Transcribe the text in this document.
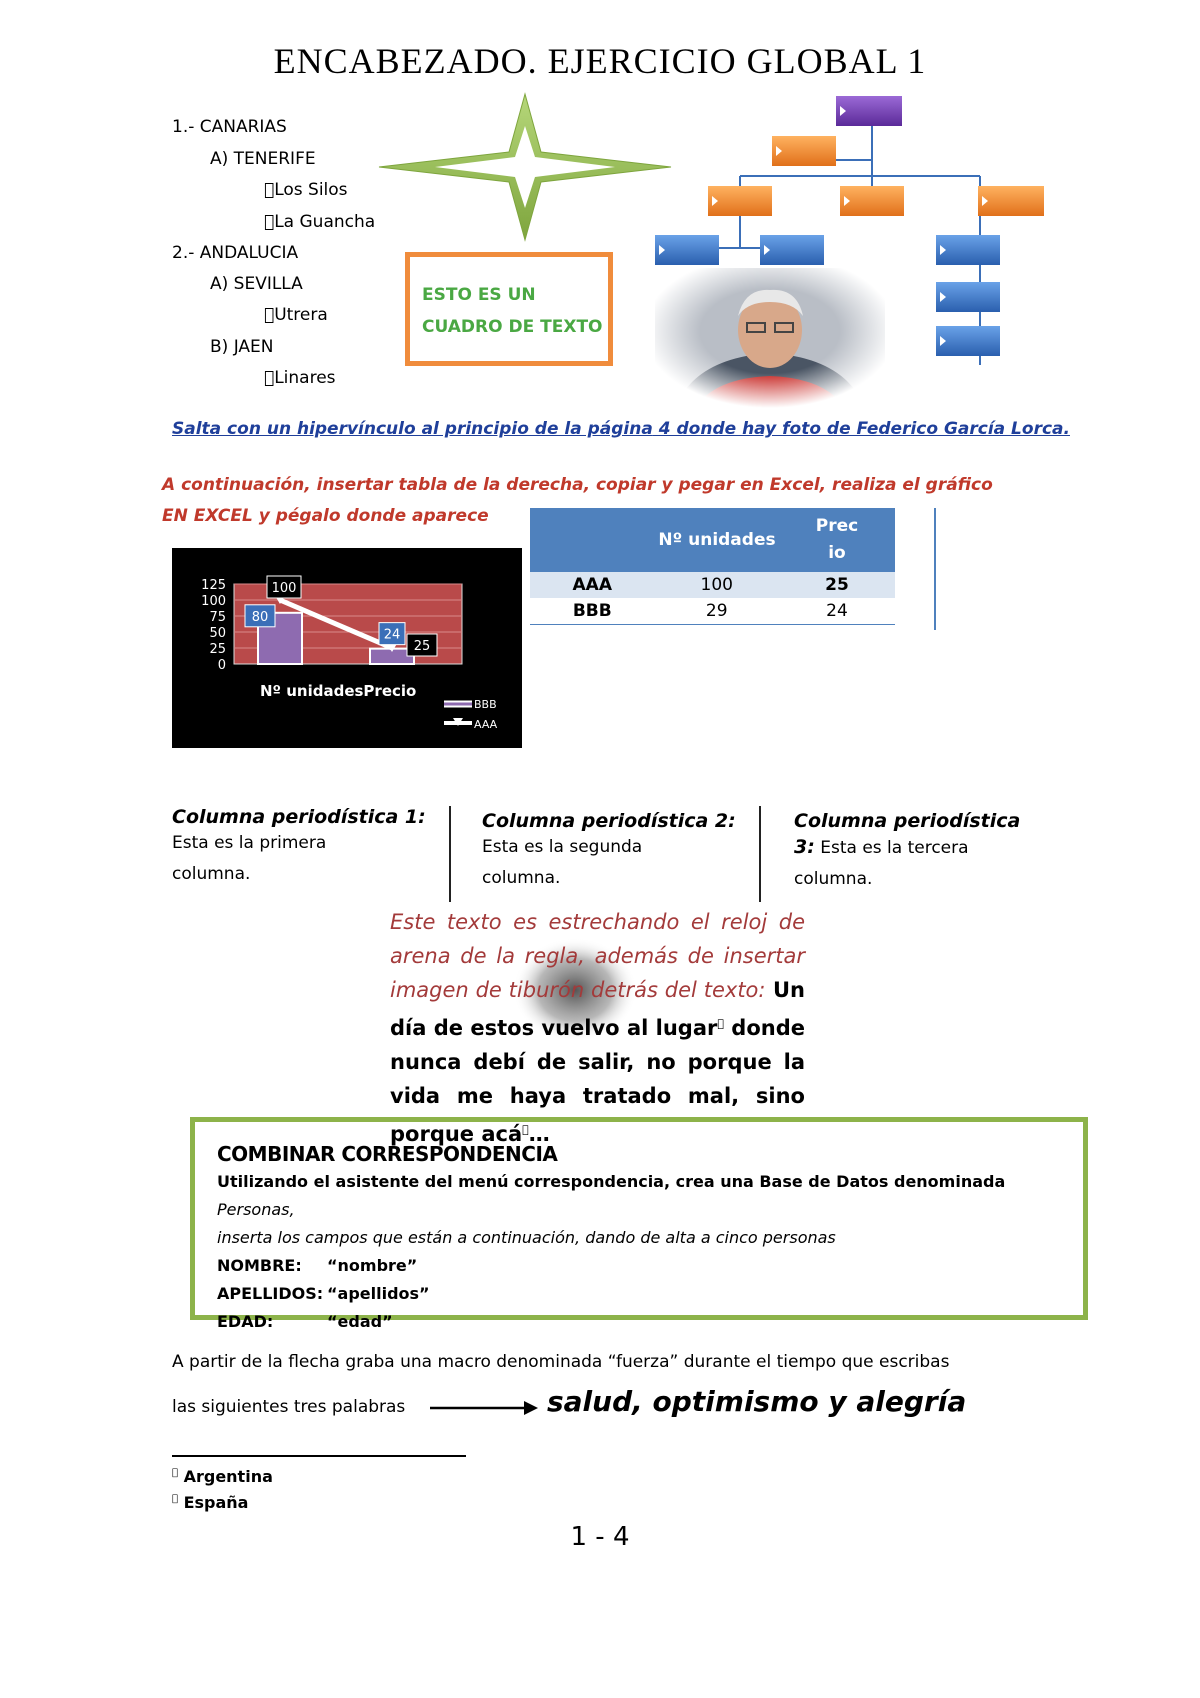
ENCABEZADO. EJERCICIO GLOBAL 1
1.- CANARIAS
A) TENERIFE
Los Silos
La Guancha
2.- ANDALUCIA
A) SEVILLA
Utrera
B) JAEN
Linares
ESTO ES UN
CUADRO DE TEXTO
Salta con un hipervínculo al principio de la página 4 donde hay foto de Federico García Lorca.
A continuación, insertar tabla de la derecha, copiar y pegar en Excel, realiza el gráfico EN EXCEL y pégalo donde aparece
	Nº unidades	Prec io
AAA	100	25
BBB	29	24
125
100
75
50
25
0
100
80
24
25
Nº unidadesPrecio
BBB
AAA
Columna periodística 1:
Esta es la primera columna.
Columna periodística 2:
Esta es la segunda columna.
Columna periodística
3: Esta es la tercera columna.
Este texto es estrechando el reloj de arena de la regla, además de insertar imagen de tiburón detrás del texto: Un día de estos vuelvo al lugar  donde nunca debí de salir, no porque la vida me haya tratado mal, sino porque acá …
COMBINAR CORRESPONDENCIA
Utilizando el asistente del menú correspondencia, crea una Base de Datos denominada Personas,
inserta los campos que están a continuación, dando de alta a cinco personas
NOMBRE: “nombre”
APELLIDOS: “apellidos”
EDAD:	“edad”
A partir de la flecha graba una macro denominada “fuerza” durante el tiempo que escribas
las siguientes tres palabras	salud, optimismo y alegría
Argentina
España
1 - 4
